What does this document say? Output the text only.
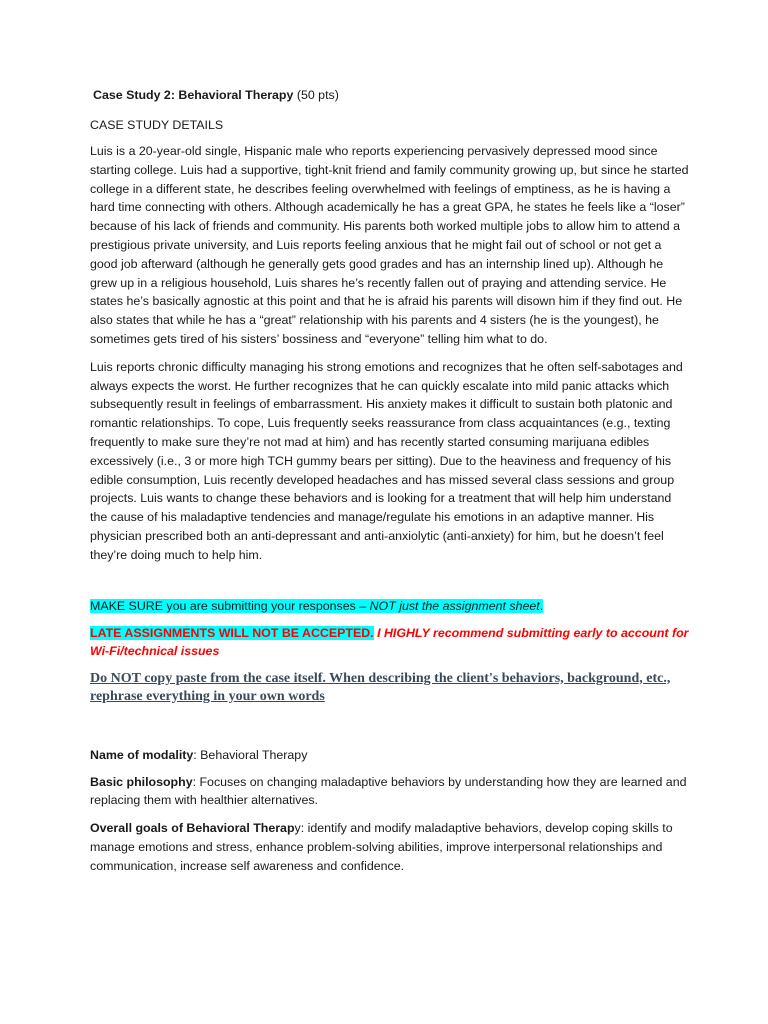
Case Study 2: Behavioral Therapy (50 pts)

CASE STUDY DETAILS

Luis is a 20-year-old single, Hispanic male who reports experiencing pervasively depressed mood since starting college. Luis had a supportive, tight-knit friend and family community growing up, but since he started college in a different state, he describes feeling overwhelmed with feelings of emptiness, as he is having a hard time connecting with others. Although academically he has a great GPA, he states he feels like a “loser” because of his lack of friends and community. His parents both worked multiple jobs to allow him to attend a prestigious private university, and Luis reports feeling anxious that he might fail out of school or not get a good job afterward (although he generally gets good grades and has an internship lined up). Although he grew up in a religious household, Luis shares he’s recently fallen out of praying and attending service. He states he’s basically agnostic at this point and that he is afraid his parents will disown him if they find out. He also states that while he has a “great” relationship with his parents and 4 sisters (he is the youngest), he sometimes gets tired of his sisters’ bossiness and “everyone” telling him what to do.

Luis reports chronic difficulty managing his strong emotions and recognizes that he often self-sabotages and always expects the worst. He further recognizes that he can quickly escalate into mild panic attacks which subsequently result in feelings of embarrassment. His anxiety makes it difficult to sustain both platonic and romantic relationships. To cope, Luis frequently seeks reassurance from class acquaintances (e.g., texting frequently to make sure they’re not mad at him) and has recently started consuming marijuana edibles excessively (i.e., 3 or more high TCH gummy bears per sitting). Due to the heaviness and frequency of his edible consumption, Luis recently developed headaches and has missed several class sessions and group projects. Luis wants to change these behaviors and is looking for a treatment that will help him understand the cause of his maladaptive tendencies and manage/regulate his emotions in an adaptive manner. His physician prescribed both an anti-depressant and anti-anxiolytic (anti-anxiety) for him, but he doesn’t feel they’re doing much to help him.

MAKE SURE you are submitting your responses – NOT just the assignment sheet.

LATE ASSIGNMENTS WILL NOT BE ACCEPTED. I HIGHLY recommend submitting early to account for Wi-Fi/technical issues

Do NOT copy paste from the case itself. When describing the client's behaviors, background, etc., rephrase everything in your own words

Name of modality: Behavioral Therapy

Basic philosophy: Focuses on changing maladaptive behaviors by understanding how they are learned and replacing them with healthier alternatives.

Overall goals of Behavioral Therapy: identify and modify maladaptive behaviors, develop coping skills to manage emotions and stress, enhance problem-solving abilities, improve interpersonal relationships and communication, increase self awareness and confidence.
